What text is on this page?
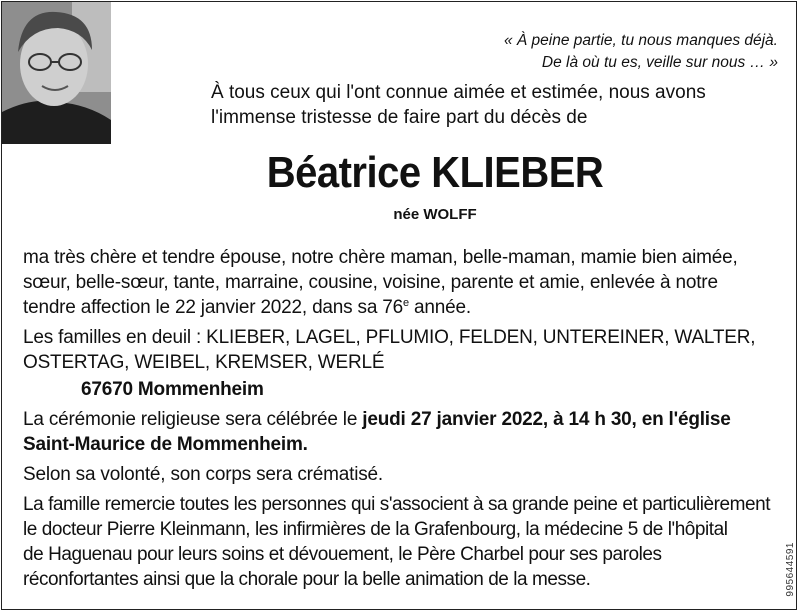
« À peine partie, tu nous manques déjà.
De là où tu es, veille sur nous … »
À tous ceux qui l'ont connue aimée et estimée, nous avons
l'immense tristesse de faire part du décès de
Béatrice KLIEBER
née WOLFF

ma très chère et tendre épouse, notre chère maman, belle-maman, mamie bien aimée,
sœur, belle-sœur, tante, marraine, cousine, voisine, parente et amie, enlevée à notre
tendre affection le 22 janvier 2022, dans sa 76e année.

Les familles en deuil : KLIEBER, LAGEL, PFLUMIO, FELDEN, UNTEREINER, WALTER,
OSTERTAG, WEIBEL, KREMSER, WERLÉ

67670 Mommenheim

La cérémonie religieuse sera célébrée le jeudi 27 janvier 2022, à 14 h 30, en l'église
Saint-Maurice de Mommenheim.

Selon sa volonté, son corps sera crématisé.

La famille remercie toutes les personnes qui s'associent à sa grande peine et particulièrement
le docteur Pierre Kleinmann, les infirmières de la Grafenbourg, la médecine 5 de l'hôpital
de Haguenau pour leurs soins et dévouement, le Père Charbel pour ses paroles
réconfortantes ainsi que la chorale pour la belle animation de la messe.	995644591
